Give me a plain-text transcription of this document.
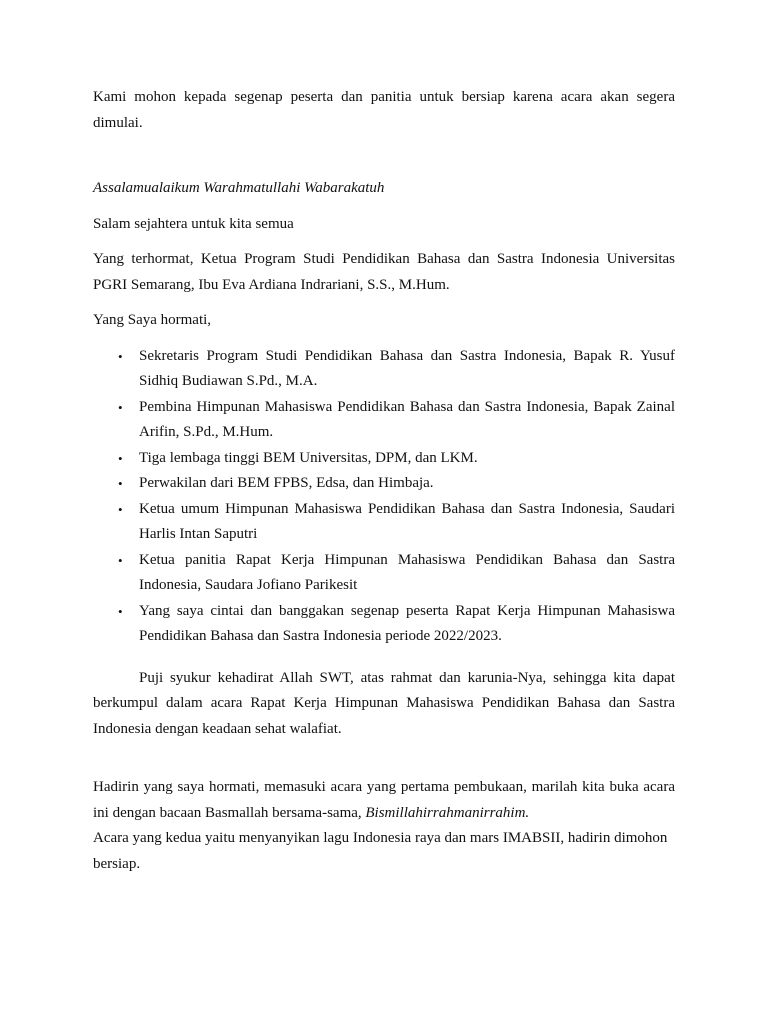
Kami mohon kepada segenap peserta dan panitia untuk bersiap karena acara akan segera dimulai.

Assalamualaikum Warahmatullahi Wabarakatuh

Salam sejahtera untuk kita semua

Yang terhormat, Ketua Program Studi Pendidikan Bahasa dan Sastra Indonesia Universitas PGRI Semarang, Ibu Eva Ardiana Indrariani, S.S., M.Hum.

Yang Saya hormati,

• Sekretaris Program Studi Pendidikan Bahasa dan Sastra Indonesia, Bapak R. Yusuf Sidhiq Budiawan S.Pd., M.A.
• Pembina Himpunan Mahasiswa Pendidikan Bahasa dan Sastra Indonesia, Bapak Zainal Arifin, S.Pd., M.Hum.
• Tiga lembaga tinggi BEM Universitas, DPM, dan LKM.
• Perwakilan dari BEM FPBS, Edsa, dan Himbaja.
• Ketua umum Himpunan Mahasiswa Pendidikan Bahasa dan Sastra Indonesia, Saudari Harlis Intan Saputri
• Ketua panitia Rapat Kerja Himpunan Mahasiswa Pendidikan Bahasa dan Sastra Indonesia, Saudara Jofiano Parikesit
• Yang saya cintai dan banggakan segenap peserta Rapat Kerja Himpunan Mahasiswa Pendidikan Bahasa dan Sastra Indonesia periode 2022/2023.

Puji syukur kehadirat Allah SWT, atas rahmat dan karunia-Nya, sehingga kita dapat berkumpul dalam acara Rapat Kerja Himpunan Mahasiswa Pendidikan Bahasa dan Sastra Indonesia dengan keadaan sehat walafiat.

Hadirin yang saya hormati, memasuki acara yang pertama pembukaan, marilah kita buka acara ini dengan bacaan Basmallah bersama-sama, Bismillahirrahmanirrahim.

Acara yang kedua yaitu menyanyikan lagu Indonesia raya dan mars IMABSII, hadirin dimohon bersiap.
